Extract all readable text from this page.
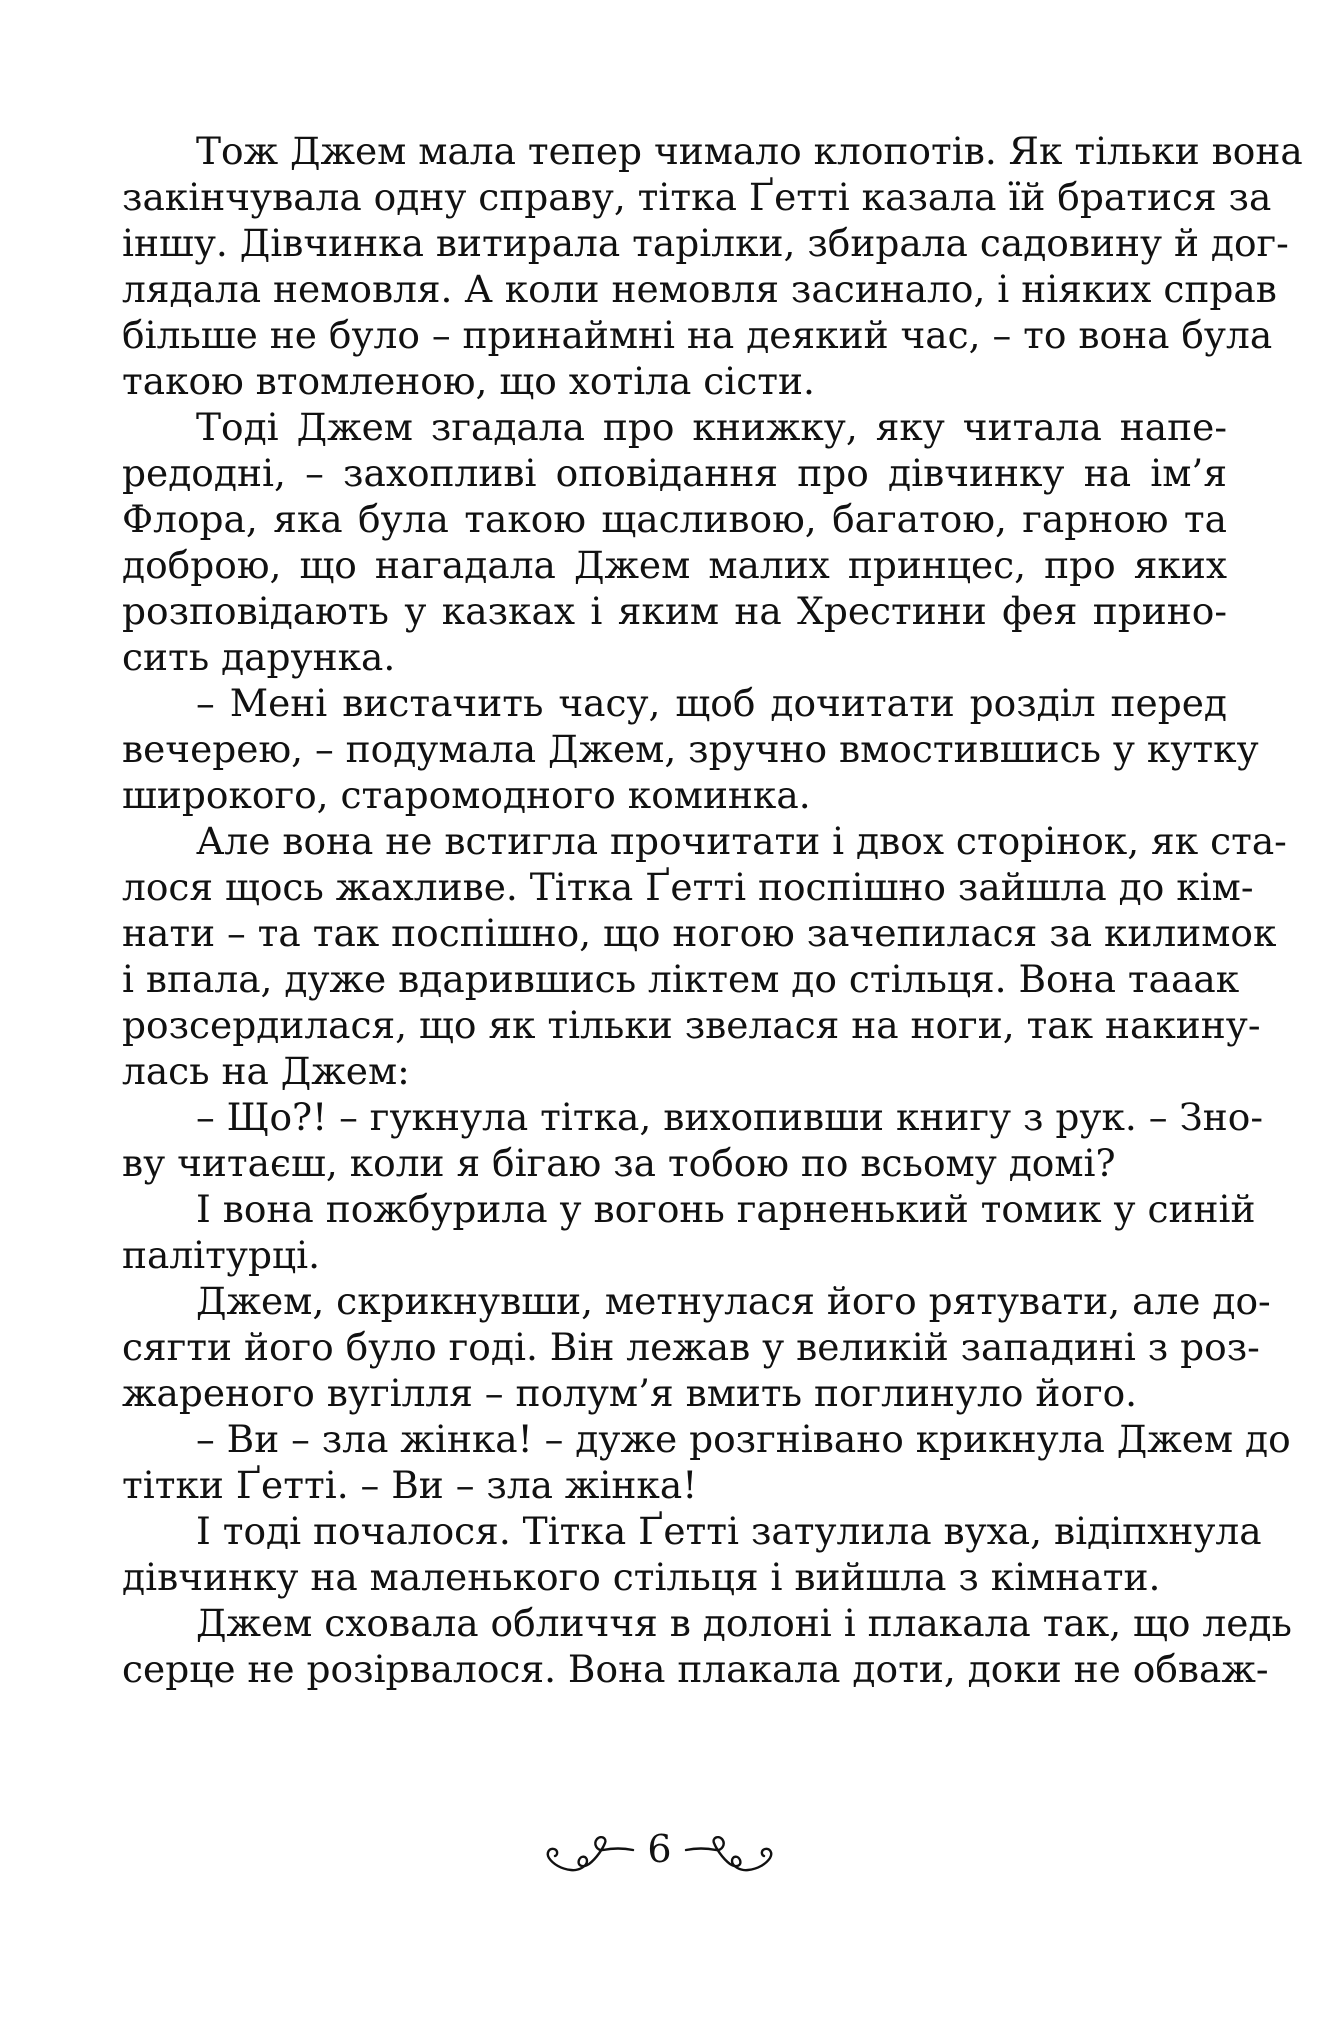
Тож Джем мала тепер чимало клопотів. Як тільки вона
закінчувала одну справу, тітка Ґетті казала їй братися за
іншу. Дівчинка витирала тарілки, збирала садовину й дог-
лядала немовля. А коли немовля засинало, і ніяких справ
більше не було – принаймні на деякий час, – то вона була
такою втомленою, що хотіла сісти.
Тоді Джем згадала про книжку, яку читала напе-
редодні, – захопливі оповідання про дівчинку на ім’я
Флора, яка була такою щасливою, багатою, гарною та
доброю, що нагадала Джем малих принцес, про яких
розповідають у казках і яким на Хрестини фея прино-
сить дарунка.
– Мені вистачить часу, щоб дочитати розділ перед
вечерею, – подумала Джем, зручно вмостившись у кутку
широкого, старомодного коминка.
Але вона не встигла прочитати і двох сторінок, як ста-
лося щось жахливе. Тітка Ґетті поспішно зайшла до кім-
нати – та так поспішно, що ногою зачепилася за килимок
і впала, дуже вдарившись ліктем до стільця. Вона тааак
розсердилася, що як тільки звелася на ноги, так накину-
лась на Джем:
– Що?! – гукнула тітка, вихопивши книгу з рук. – Зно-
ву читаєш, коли я бігаю за тобою по всьому домі?
І вона пожбурила у вогонь гарненький томик у синій
палітурці.
Джем, скрикнувши, метнулася його рятувати, але до-
сягти його було годі. Він лежав у великій западині з роз-
жареного вугілля – полум’я вмить поглинуло його.
– Ви – зла жінка! – дуже розгнівано крикнула Джем до
тітки Ґетті. – Ви – зла жінка!
І тоді почалося. Тітка Ґетті затулила вуха, відіпхнула
дівчинку на маленького стільця і вийшла з кімнати.
Джем сховала обличчя в долоні і плакала так, що ледь
серце не розірвалося. Вона плакала доти, доки не обваж-
6
